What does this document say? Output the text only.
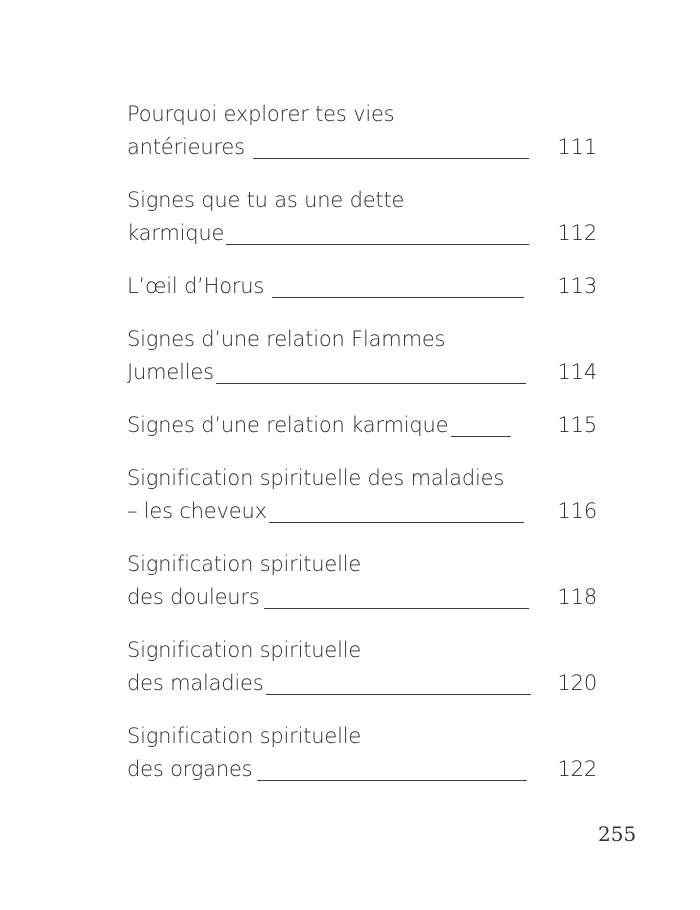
Pourquoi explorer tes vies
antérieures	111
Signes que tu as une dette
karmique	112
L’œil d’Horus	113
Signes d’une relation Flammes
Jumelles	114
Signes d’une relation karmique	115
Signification spirituelle des maladies
– les cheveux	116
Signification spirituelle
des douleurs	118
Signification spirituelle
des maladies	120
Signification spirituelle
des organes	122
255
